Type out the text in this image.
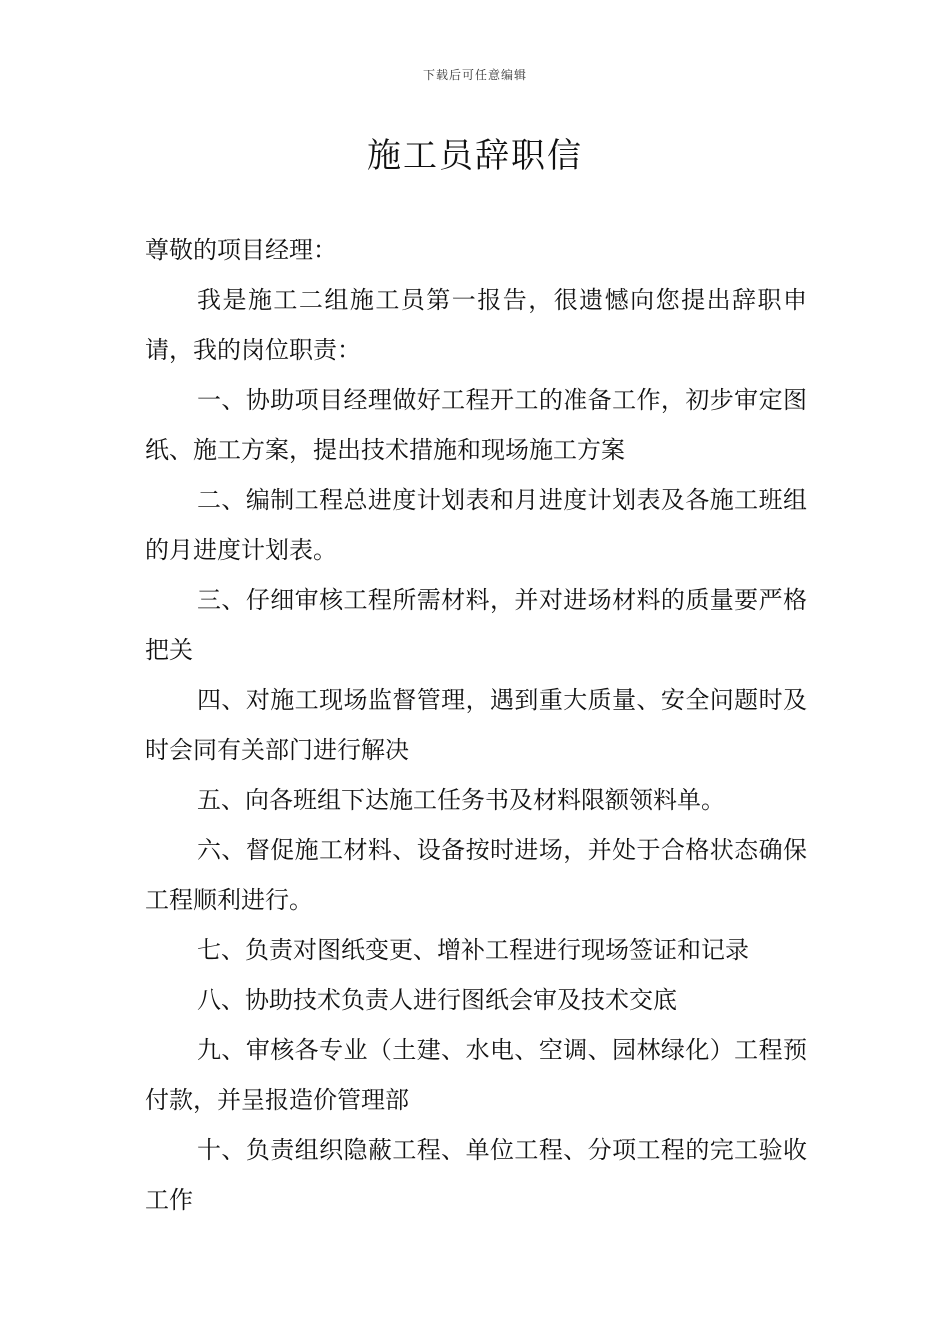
下载后可任意编辑
施工员辞职信

尊敬的项目经理：

我是施工二组施工员第一报告，很遗憾向您提出辞职申请，我的岗位职责：

一、协助项目经理做好工程开工的准备工作，初步审定图纸、施工方案，提出技术措施和现场施工方案

二、编制工程总进度计划表和月进度计划表及各施工班组的月进度计划表。

三、仔细审核工程所需材料，并对进场材料的质量要严格把关

四、对施工现场监督管理，遇到重大质量、安全问题时及时会同有关部门进行解决

五、向各班组下达施工任务书及材料限额领料单。

六、督促施工材料、设备按时进场，并处于合格状态确保工程顺利进行。

七、负责对图纸变更、增补工程进行现场签证和记录

八、协助技术负责人进行图纸会审及技术交底

九、审核各专业（土建、水电、空调、园林绿化）工程预付款，并呈报造价管理部

十、负责组织隐蔽工程、单位工程、分项工程的完工验收工作
